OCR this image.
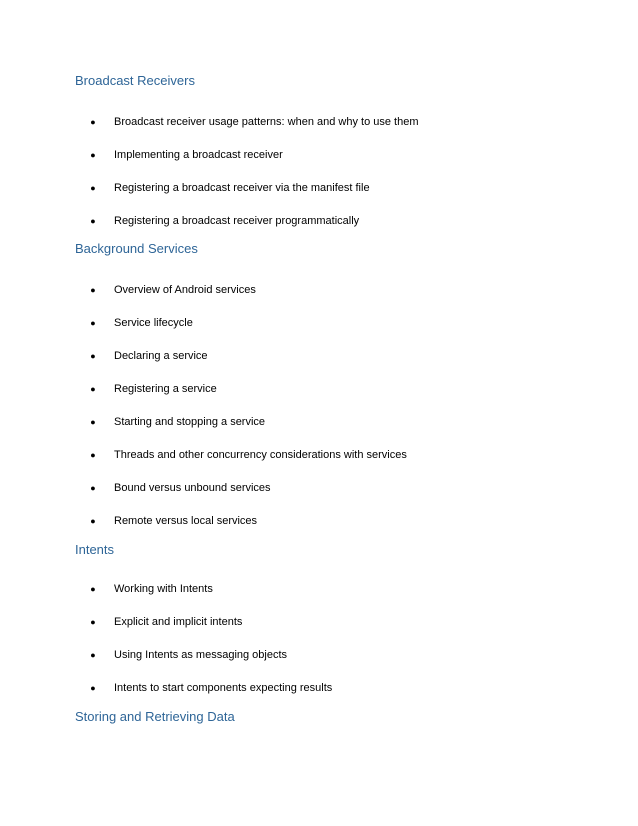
Broadcast Receivers
● Broadcast receiver usage patterns: when and why to use them
● Implementing a broadcast receiver
● Registering a broadcast receiver via the manifest file
● Registering a broadcast receiver programmatically
Background Services
● Overview of Android services
● Service lifecycle
● Declaring a service
● Registering a service
● Starting and stopping a service
● Threads and other concurrency considerations with services
● Bound versus unbound services
● Remote versus local services
Intents
● Working with Intents
● Explicit and implicit intents
● Using Intents as messaging objects
● Intents to start components expecting results
Storing and Retrieving Data
